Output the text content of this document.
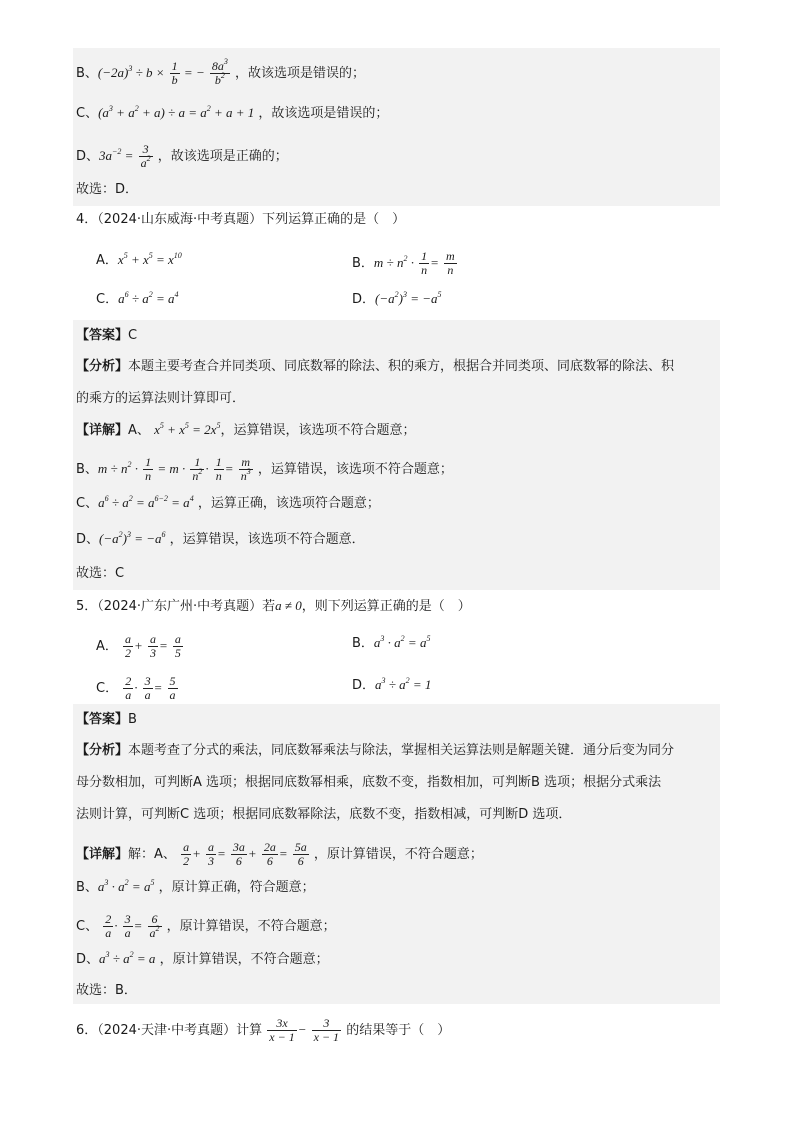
B、$(-2a)^3 \div b \times \frac{1}{b}$ = − $\frac{8a^3}{b^2}$ ，故该选项是错误的；
C、$(a^3 + a^2 + a) \div a = a^2 + a + 1$ ，故该选项是错误的；
D、$3a^{-2} = \frac{3}{a^2}$ ，故该选项是正确的；
故选：D．
4．（2024·山东威海·中考真题）下列运算正确的是（　）
A．$x^5 + x^5 = x^{10}$
B．$m \div n^2 \cdot \frac{1}{n} = \frac{m}{n}$
C．$a^6 \div a^2 = a^4$	D．$(-a^2)^3 = -a^5$
【答案】C
【分析】本题主要考查合并同类项、同底数幂的除法、积的乘方，根据合并同类项、同底数幂的除法、积
的乘方的运算法则计算即可．
【详解】A、 $x^5 + x^5 = 2x^5$，运算错误，该选项不符合题意；
B、$m \div n^2 \cdot \frac{1}{n} = m \cdot \frac{1}{n^2} \cdot \frac{1}{n} = \frac{m}{n^3}$ ，运算错误，该选项不符合题意；
C、$a^6 \div a^2 = a^{6-2} = a^4$ ，运算正确，该选项符合题意；
D、$(-a^2)^3 = -a^6$ ，运算错误，该选项不符合题意．
故选：C
5．（2024·广东广州·中考真题）若a ≠ 0，则下列运算正确的是（　）
A． $\frac{a}{2} + \frac{a}{3} = \frac{a}{5}$	B．$a^3 \cdot a^2 = a^5$
C． $\frac{2}{a} \cdot \frac{3}{a} = \frac{5}{a}$	D．$a^3 \div a^2 = 1$
【答案】B
【分析】本题考查了分式的乘法，同底数幂乘法与除法，掌握相关运算法则是解题关键．通分后变为同分
母分数相加，可判断A 选项；根据同底数幂相乘，底数不变，指数相加，可判断B 选项；根据分式乘法
法则计算，可判断C 选项；根据同底数幂除法，底数不变，指数相减，可判断D 选项．
【详解】解：A、 $\frac{a}{2} + \frac{a}{3} = \frac{3a}{6} + \frac{2a}{6} = \frac{5a}{6}$ ，原计算错误，不符合题意；
B、$a^3 \cdot a^2 = a^5$ ，原计算正确，符合题意；
C、 $\frac{2}{a} \cdot \frac{3}{a} = \frac{6}{a^2}$ ，原计算错误，不符合题意；
D、$a^3 \div a^2 = a$ ，原计算错误，不符合题意；
故选：B．
6．（2024·天津·中考真题）计算 $\frac{3x}{x - 1} - \frac{3}{x - 1}$ 的结果等于（　）
